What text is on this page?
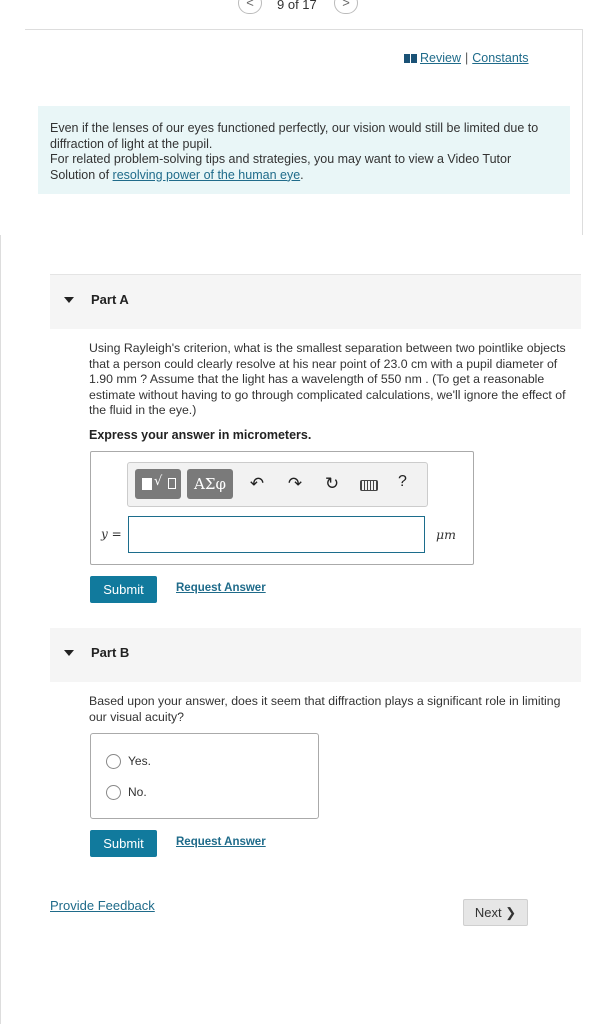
<	9 of 17	>
Review | Constants
Even if the lenses of our eyes functioned perfectly, our vision would still be limited due to diffraction of light at the pupil.
For related problem-solving tips and strategies, you may want to view a Video Tutor Solution of resolving power of the human eye.
Part A
Using Rayleigh's criterion, what is the smallest separation between two pointlike objects that a person could clearly resolve at his near point of 23.0 cm with a pupil diameter of 1.90 mm ? Assume that the light has a wavelength of 550 nm . (To get a reasonable estimate without having to go through complicated calculations, we'll ignore the effect of the fluid in the eye.)
Express your answer in micrometers.
√	ΑΣφ	↶ ↷ ↻	?
y =	μm
Submit	Request Answer
Part B
Based upon your answer, does it seem that diffraction plays a significant role in limiting our visual acuity?
Yes.
No.
Submit	Request Answer
Provide Feedback	Next ❯
